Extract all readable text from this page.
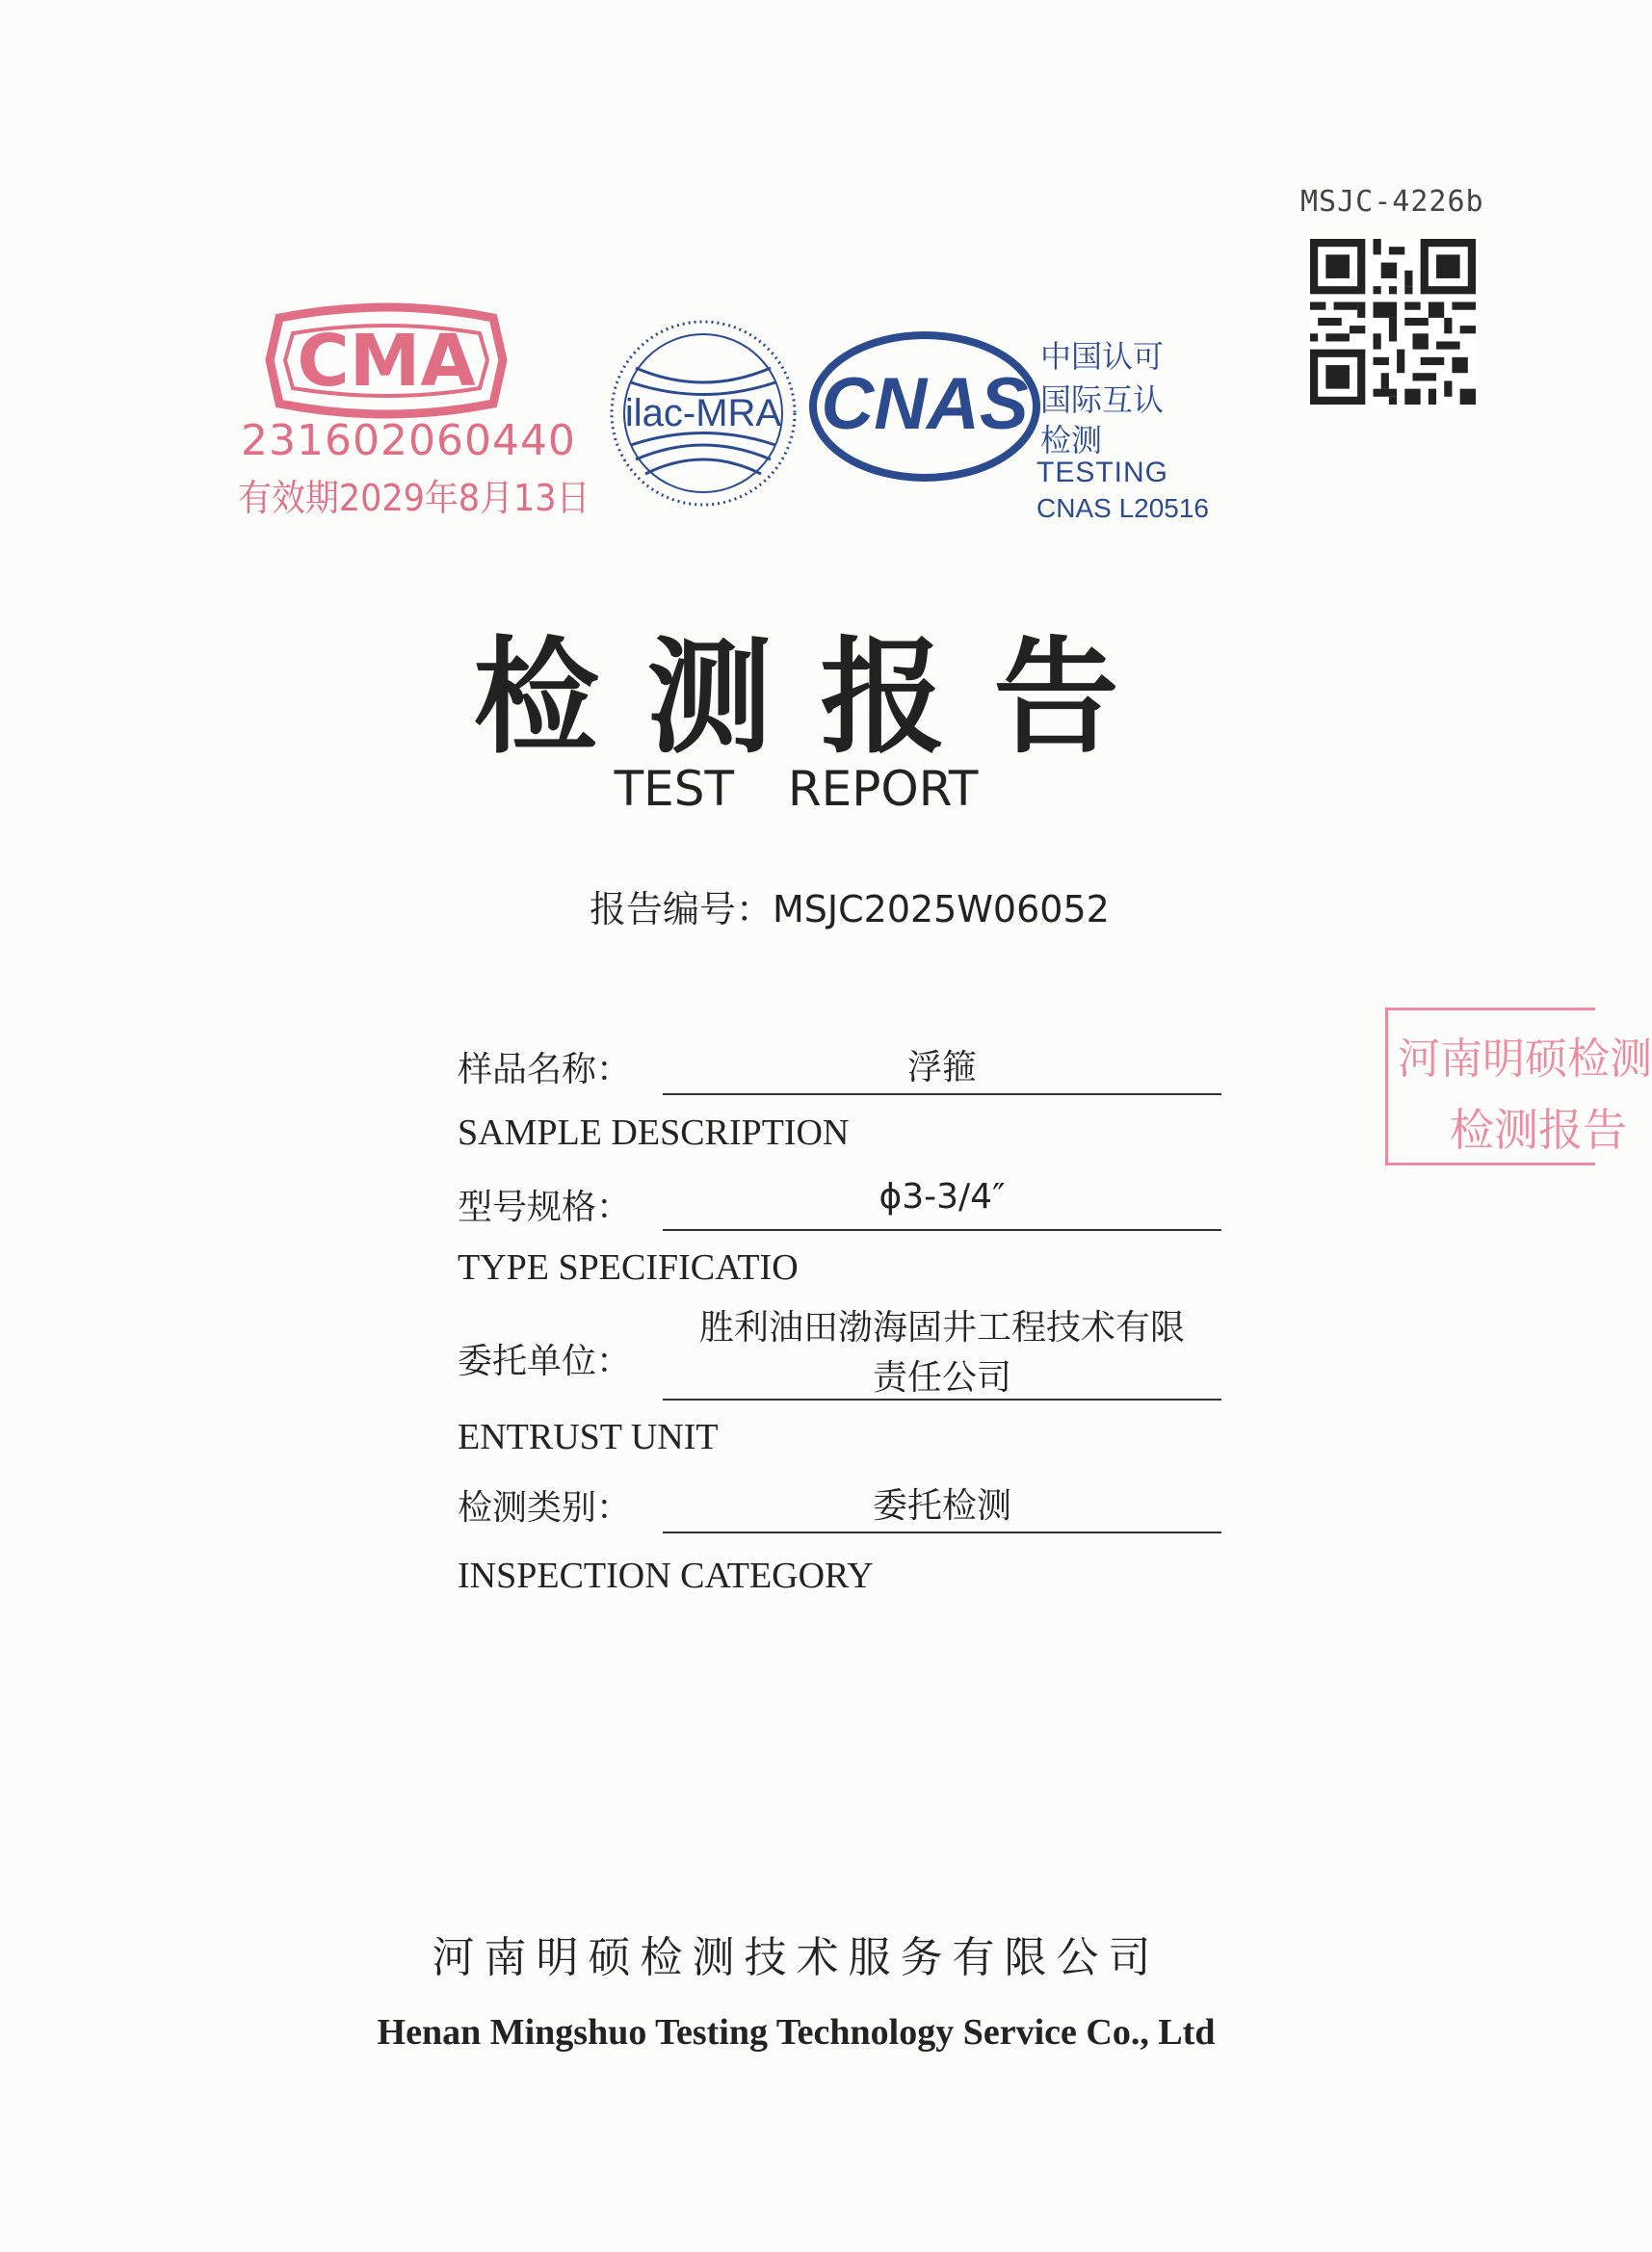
MSJC-4226b
CMA
231602060440
有效期2029年8月13日
ilac-MRA CNAS
中国认可
国际互认
检测
TESTING
CNAS L20516
检测报告
TEST REPORT
报告编号：MSJC2025W06052
样品名称：	浮箍
SAMPLE DESCRIPTION
型号规格：	ϕ3-3/4″
TYPE SPECIFICATIO
委托单位：
胜利油田渤海固井工程技术有限
责任公司
ENTRUST UNIT
检测类别：	委托检测
INSPECTION CATEGORY
河南明硕检测
检测报告
河南明硕检测技术服务有限公司
Henan Mingshuo Testing Technology Service Co., Ltd
